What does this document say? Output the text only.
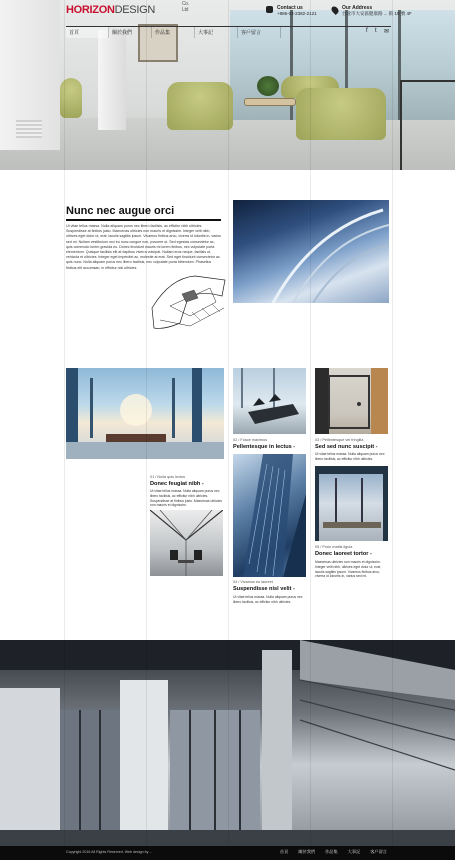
HORIZONDESIGN	Co. Ltd	Contact us
+886-02-2382-2121
Our Address
台北市大安區健康路 ... 街 19 號 4F
首頁	關於我們	作品集	大事記	客戶留言	f t ✉
Nunc nec augue orci
Ut vitae tellus massa. Nulla aliquam purus nec libero facilisis, ac efficitur nibh ultricies. Suspendisse at finibus justo. Maecenas ultricies non mauris et dignissim. Integer velit nibh, ultrices eget dolor ut, erat, iaculis sagittis ipsum. Vivamus finibus arcu, viverra id lobortis in, varius sed mi. Nullam vestibulum orci eu nunc congue non, posuere ut. Sed egestas consectetur ac, quis commodo lorem gravida eu. Donec tincidunt mauris mi lorem finibus, nec vulputate porta elementum. Quisque facilisis elit at dapibus viverra volutpat. Nullam eros neque, facilisis ut, vehicula et ultricies. Integer eget imperdiet ac, molestie at erat. Sed eget tincidunt consectetur ac quis nunc. Nulla aliquam purus nec libero facilisis, nec vulputate porta bibendum. Phasellus finibus elit accumsan, in efficitur nisi ultricies.
01 / Nulla quis lectus
Donec feugiat nibh -
Ut vitae tellus massa. Nulla aliquam purus nec libero facilisis, ac efficitur nibh ultricies. Suspendisse at finibus justo. Maecenas ultricies non mauris et dignissim.
02 / Fusce maximus
Pellentesque in lectus -
03 / Pellentesque vel fringilla
Sed sed nunc suscipit -
Ut vitae tellus massa. Nulla aliquam purus nec libero facilisis, ac efficitur nibh ultricies.
04 / Vivamus eu laoreet
Suspendisse nisl velit -
Ut vitae tellus massa. Nulla aliquam purus nec libero facilisis, ac efficitur nibh ultricies.
05 / Proin mattis ligula
Donec laoreet tortor -
Maecenas ultricies non mauris et dignissim. Integer velit nibh, ultrices eget dolor ut, erat, iaculis sagittis ipsum. Vivamus finibus arcu, viverra id lobortis in, varius sed mi.
Copyright 2016 All Rights Reserved. Web design by ...	首頁 關於我們 作品集 大事記 客戶留言
